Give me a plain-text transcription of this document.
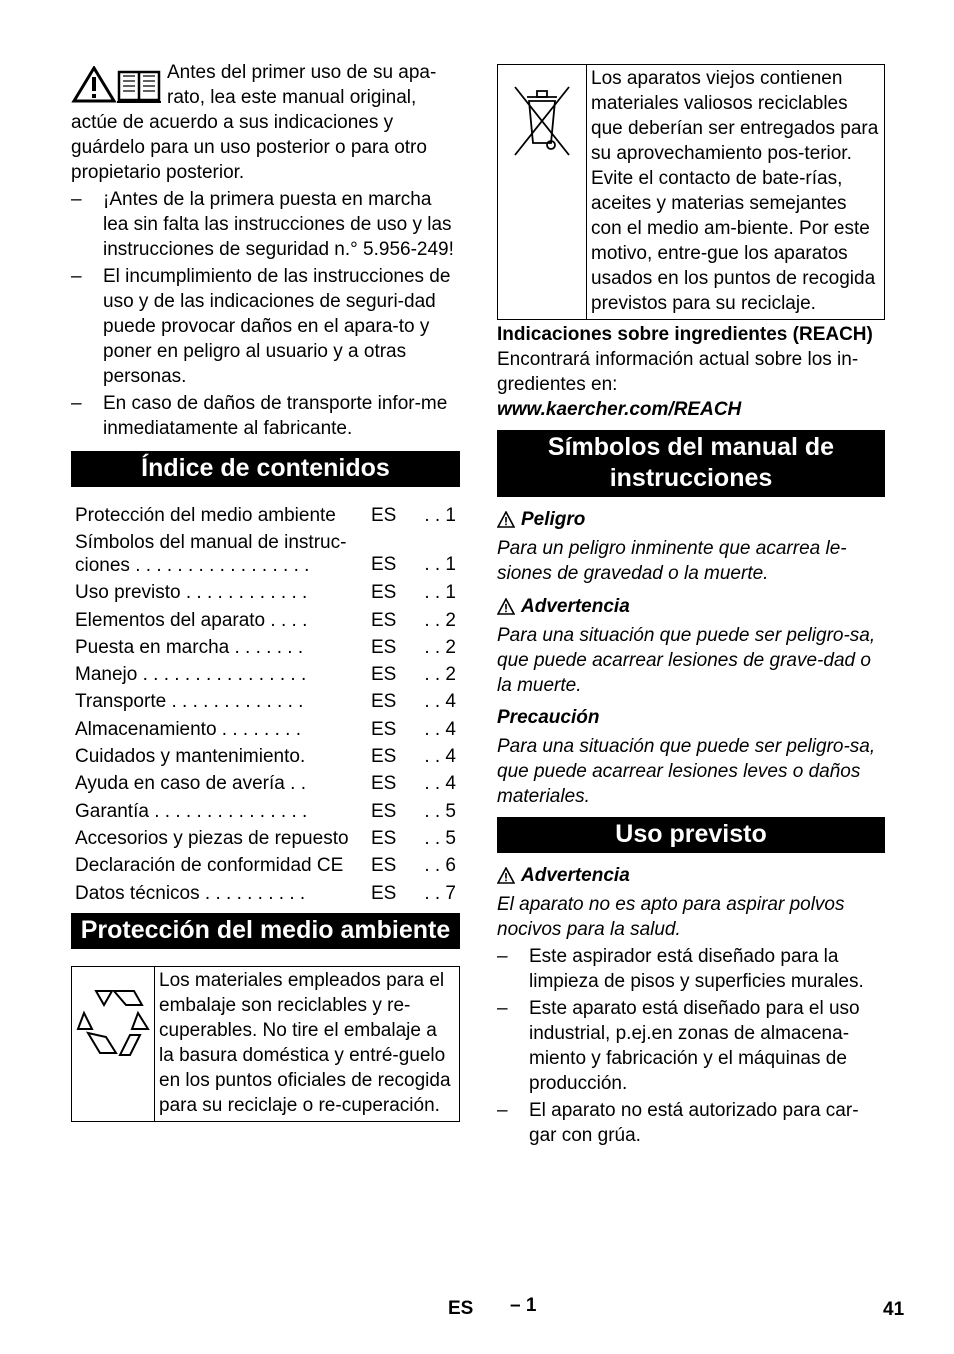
Antes del primer uso de su apa-

rato, lea este manual original,

actúe de acuerdo a sus indicaciones y guárdelo para un uso posterior o para otro propietario posterior.

– ¡Antes de la primera puesta en marcha lea sin falta las instrucciones de uso y las instrucciones de seguridad n.° 5.956-249!
– El incumplimiento de las instrucciones de uso y de las indicaciones de seguri-dad puede provocar daños en el apara-to y poner en peligro al usuario y a otras personas.
– En caso de daños de transporte infor-me inmediatamente al fabricante.
Índice de contenidos
Protección del medio ambiente	ES . . 1
Símbolos del manual de instruc- ciones . . . . . . . . . . . . . . . . .	ES . . 1
Uso previsto . . . . . . . . . . . .	ES . . 1
Elementos del aparato . . . .	ES . . 2
Puesta en marcha . . . . . . .	ES . . 2
Manejo . . . . . . . . . . . . . . . .	ES . . 2
Transporte . . . . . . . . . . . . .	ES . . 4
Almacenamiento . . . . . . . .	ES . . 4
Cuidados y mantenimiento.	ES . . 4
Ayuda en caso de avería . .	ES . . 4
Garantía . . . . . . . . . . . . . . .	ES . . 5
Accesorios y piezas de repuesto	ES . . 5
Declaración de conformidad CE	ES . . 6
Datos técnicos . . . . . . . . . .	ES . . 7
Protección del medio ambiente
	Los materiales empleados para el embalaje son reciclables y re-cuperables. No tire el embalaje a la basura doméstica y entré-guelo en los puntos oficiales de recogida para su reciclaje o re-cuperación.
	Los aparatos viejos contienen materiales valiosos reciclables que deberían ser entregados para su aprovechamiento pos-terior. Evite el contacto de bate-rías, aceites y materias semejantes con el medio am-biente. Por este motivo, entre-gue los aparatos usados en los puntos de recogida previstos para su reciclaje.

Indicaciones sobre ingredientes (REACH)

Encontrará información actual sobre los in-gredientes en:

www.kaercher.com/REACH

Símbolos del manual de instrucciones
Peligro

Para un peligro inminente que acarrea le-siones de gravedad o la muerte.

Advertencia

Para una situación que puede ser peligro-sa, que puede acarrear lesiones de grave-dad o la muerte.

Precaución

Para una situación que puede ser peligro-sa, que puede acarrear lesiones leves o daños materiales.

Uso previsto
Advertencia

El aparato no es apto para aspirar polvos nocivos para la salud.

– Este aspirador está diseñado para la limpieza de pisos y superficies murales.
– Este aparato está diseñado para el uso industrial, p.ej.en zonas de almacena-miento y fabricación y el máquinas de producción.
– El aparato no está autorizado para car-gar con grúa.
ES – 1	41
